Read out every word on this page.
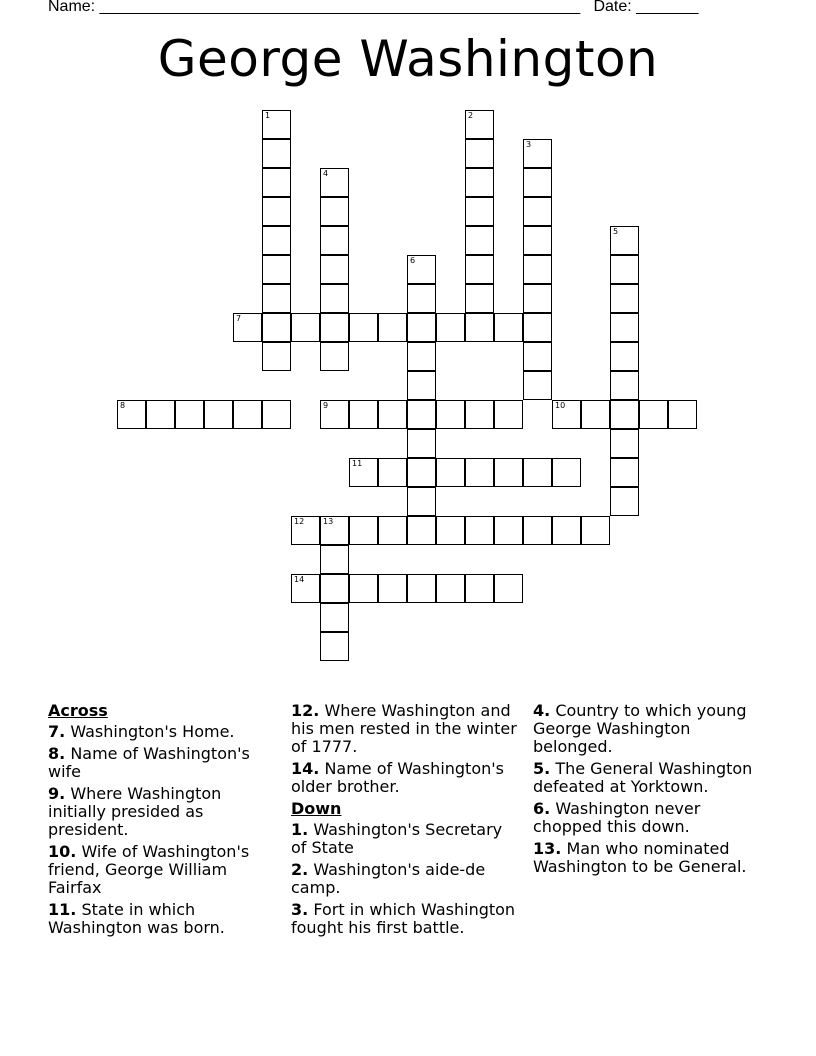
Name: ______________________________________________________ Date: _______
George Washington
1	2
3
4
5
6
7
8	9	10
11
12 13
14
Across
7. Washington's Home.
8. Name of Washington's wife
9. Where Washington initially presided as president.
10. Wife of Washington's friend, George William Fairfax
11. State in which Washington was born.
12. Where Washington and his men rested in the winter of 1777.
14. Name of Washington's older brother.
Down
1. Washington's Secretary of State
2. Washington's aide-de camp.
3. Fort in which Washington fought his first battle.
4. Country to which young George Washington belonged.
5. The General Washington defeated at Yorktown.
6. Washington never chopped this down.
13. Man who nominated Washington to be General.
